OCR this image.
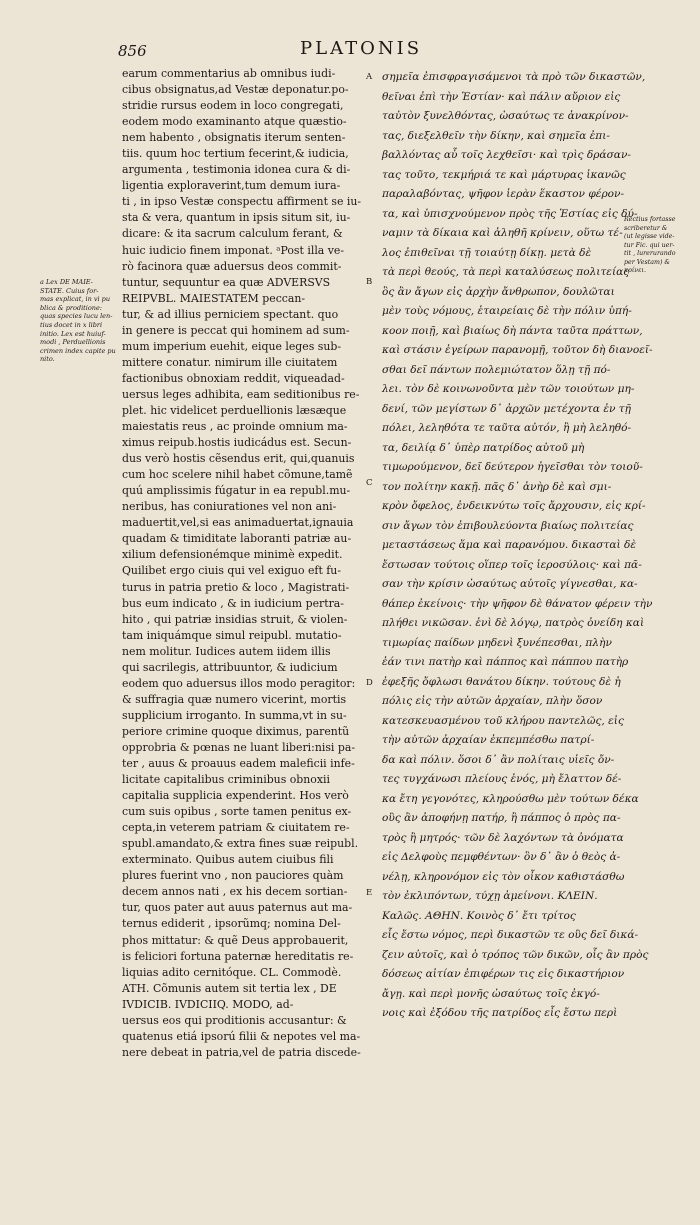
856	PLATONIS
a Lex DE MAIE-
STATE. Cuius for-
mas explicat, in vi pu
blica & proditione:
quas species lucu len-
tius docet in x libri
initio. Lex est huiuf-
modi , Perduellionis
crimen index capite pu
nito.
earum commentarius ab omnibus iudi-
cibus obsignatus,ad Vestæ deponatur.po-
stridie rursus eodem in loco congregati,
eodem modo examinanto atque quæstio-
nem habento , obsignatis iterum senten-
tiis. quum hoc tertium fecerint,& iudicia,
argumenta , testimonia idonea cura & di-
ligentia exploraverint,tum demum iura-
ti , in ipso Vestæ conspectu affirment se iu-
sta & vera, quantum in ipsis situm sit, iu-
dicare: & ita sacrum calculum ferant, &
huic iudicio finem imponat. ᵃPost illa ve-
rò facinora quæ aduersus deos commit-
tuntur, sequuntur ea quæ ADVERSVS
REIPVBL. MAIESTATEM peccan-
tur, & ad illius perniciem spectant. quo
in genere is peccat qui hominem ad sum-
mum imperium euehit, eique leges sub-
mittere conatur. nimirum ille ciuitatem
factionibus obnoxiam reddit, viqueadad-
uersus leges adhibita, eam seditionibus re-
plet. hic videlicet perduellionis læsæque
maiestatis reus , ac proinde omnium ma-
ximus reipub.hostis iudicádus est. Secun-
dus verò hostis cẽsendus erit, qui,quanuis
cum hoc scelere nihil habet cõmune,tamẽ
quú amplissimis fúgatur in ea republ.mu-
neribus, has coniurationes vel non ani-
maduertit,vel,si eas animaduertat,ignauia
quadam & timiditate laboranti patriæ au-
xilium defensionémque minimè expedit.
Quilibet ergo ciuis qui vel exiguo eft fu-
turus in patria pretio & loco , Magistrati-
bus eum indicato , & in iudicium pertra-
hito , qui patriæ insidias struit, & violen-
tam iniquámque simul reipubl. mutatio-
nem molitur. Iudices autem iidem illis
qui sacrilegis, attribuuntor, & iudicium
eodem quo aduersus illos modo peragitor:
& suffragia quæ numero vicerint, mortis
supplicium irroganto. In summa,vt in su-
periore crimine quoque diximus, parentũ
opprobria & pœnas ne luant liberi:nisi pa-
ter , auus & proauus eadem maleficii infe-
licitate capitalibus criminibus obnoxii
capitalia supplicia expenderint. Hos verò
cum suis opibus , sorte tamen penitus ex-
cepta,in veterem patriam & ciuitatem re-
spubl.amandato,& extra fines suæ reipubl.
exterminato. Quibus autem ciuibus fili
plures fuerint vno , non pauciores quàm
decem annos nati , ex his decem sortian-
tur, quos pater aut auus paternus aut ma-
ternus ediderit , ipsorũmq; nomina Del-
phos mittatur: & quẽ Deus approbauerit,
is feliciori fortuna paternæ hereditatis re-
liquias adito cernitóque. CL. Commodè.
ATH. Cõmunis autem sit tertia lex , DE
IVDICIB. IVDICIIQ. MODO, ad-
uersus eos qui proditionis accusantur: &
quatenus etiá ipsorú filii & nepotes vel ma-
nere debeat in patria,vel de patria discede-
A
B
C
D
E
σημεῖα ἐπισφραγισάμενοι τὰ πρὸ τῶν δικαστῶν,
θεῖναι ἐπὶ τὴν Ἑστίαν· καὶ πάλιν αὔριον εἰς
ταὐτὸν ξυνελθόντας, ὡσαύτως τε ἀνακρίνον-
τας, διεξελθεῖν τὴν δίκην, καὶ σημεῖα ἐπι-
βαλλόντας αὖ τοῖς λεχθεῖσι· καὶ τρὶς δράσαν-
τας τοῦτο, τεκμήριά τε καὶ μάρτυρας ἱκανῶς
παραλαβόντας, ψῆφον ἱερὰν ἕκαστον φέρον-
τα, καὶ ὑπισχνούμενον πρὸς τῆς Ἑστίας εἰς δύ-
ναμιν τὰ δίκαια καὶ ἀληθῆ κρίνειν, οὕτω τέ-
λος ἐπιθεῖναι τῇ τοιαύτῃ δίκῃ. μετὰ δὲ
τὰ περὶ θεούς, τὰ περὶ καταλύσεως πολιτείας
ὃς ἂν ἄγων εἰς ἀρχὴν ἄνθρωπον, δουλῶται
μὲν τοὺς νόμους, ἑταιρείαις δὲ τὴν πόλιν ὑπή-
κοον ποιῇ, καὶ βιαίως δὴ πάντα ταῦτα πράττων,
καὶ στάσιν ἐγείρων παρανομῇ, τοῦτον δὴ διανοεῖ-
σθαι δεῖ πάντων πολεμιώτατον ὅλῃ τῇ πό-
λει. τὸν δὲ κοινωνοῦντα μὲν τῶν τοιούτων μη-
δενί, τῶν μεγίστων δ᾽ ἀρχῶν μετέχοντα ἐν τῇ
πόλει, λεληθότα τε ταῦτα αὐτόν, ἢ μὴ λεληθό-
τα, δειλίᾳ δ᾽ ὑπὲρ πατρίδος αὑτοῦ μὴ
τιμωρούμενον, δεῖ δεύτερον ἡγεῖσθαι τὸν τοιοῦ-
τον πολίτην κακῇ. πᾶς δ᾽ ἀνὴρ δὲ καὶ σμι-
κρὸν ὄφελος, ἐνδεικνύτω τοῖς ἄρχουσιν, εἰς κρί-
σιν ἄγων τὸν ἐπιβουλεύοντα βιαίως πολιτείας
μεταστάσεως ἅμα καὶ παρανόμου. δικασταὶ δὲ
ἔστωσαν τούτοις οἵπερ τοῖς ἱεροσύλοις· καὶ πᾶ-
σαν τὴν κρίσιν ὡσαύτως αὐτοῖς γίγνεσθαι, κα-
θάπερ ἐκείνοις· τὴν ψῆφον δὲ θάνατον φέρειν τὴν
πλήθει νικῶσαν. ἑνὶ δὲ λόγῳ, πατρὸς ὀνείδη καὶ
τιμωρίας παίδων μηδενὶ ξυνέπεσθαι, πλὴν
ἐάν τινι πατὴρ καὶ πάππος καὶ πάππου πατὴρ
ἐφεξῆς ὄφλωσι θανάτου δίκην. τούτους δὲ ἡ
πόλις εἰς τὴν αὐτῶν ἀρχαίαν, πλὴν ὅσον
κατεσκευασμένου τοῦ κλήρου παντελῶς, εἰς
τὴν αὐτῶν ἀρχαίαν ἐκπεμπέσθω πατρί-
δα καὶ πόλιν. ὅσοι δ᾽ ἂν πολίταις υἱεῖς ὄν-
τες τυγχάνωσι πλείους ἑνός, μὴ ἔλαττον δέ-
κα ἔτη γεγονότες, κληρούσθω μὲν τούτων δέκα
οὓς ἂν ἀποφήνῃ πατήρ, ἢ πάππος ὁ πρὸς πα-
τρὸς ἢ μητρός· τῶν δὲ λαχόντων τὰ ὀνόματα
εἰς Δελφοὺς πεμφθέντων· ὃν δ᾽ ἂν ὁ θεὸς ἀ-
νέλῃ, κληρονόμον εἰς τὸν οἶκον καθιστάσθω
τὸν ἐκλιπόντων, τύχῃ ἀμείνονι. ΚΛΕΙΝ.
Καλῶς. ΑΘΗΝ. Κοινὸς δ᾽ ἔτι τρίτος
εἷς ἔστω νόμος, περὶ δικαστῶν τε οὓς δεῖ δικά-
ζειν αὐτοῖς, καὶ ὁ τρόπος τῶν δικῶν, οἷς ἂν πρὸς
δόσεως αἰτίαν ἐπιφέρων τις εἰς δικαστήριον
ἄγῃ. καὶ περὶ μονῆς ὡσαύτως τοῖς ἐκγό-
νοις καὶ ἐξόδου τῆς πατρίδος εἷς ἔστω περὶ
Rectius fortasse
scriberetur &
(ut legisse vide-
tur Fic. qui uer-
tit , lurerurando
per Vestam) &
κρίνει.
